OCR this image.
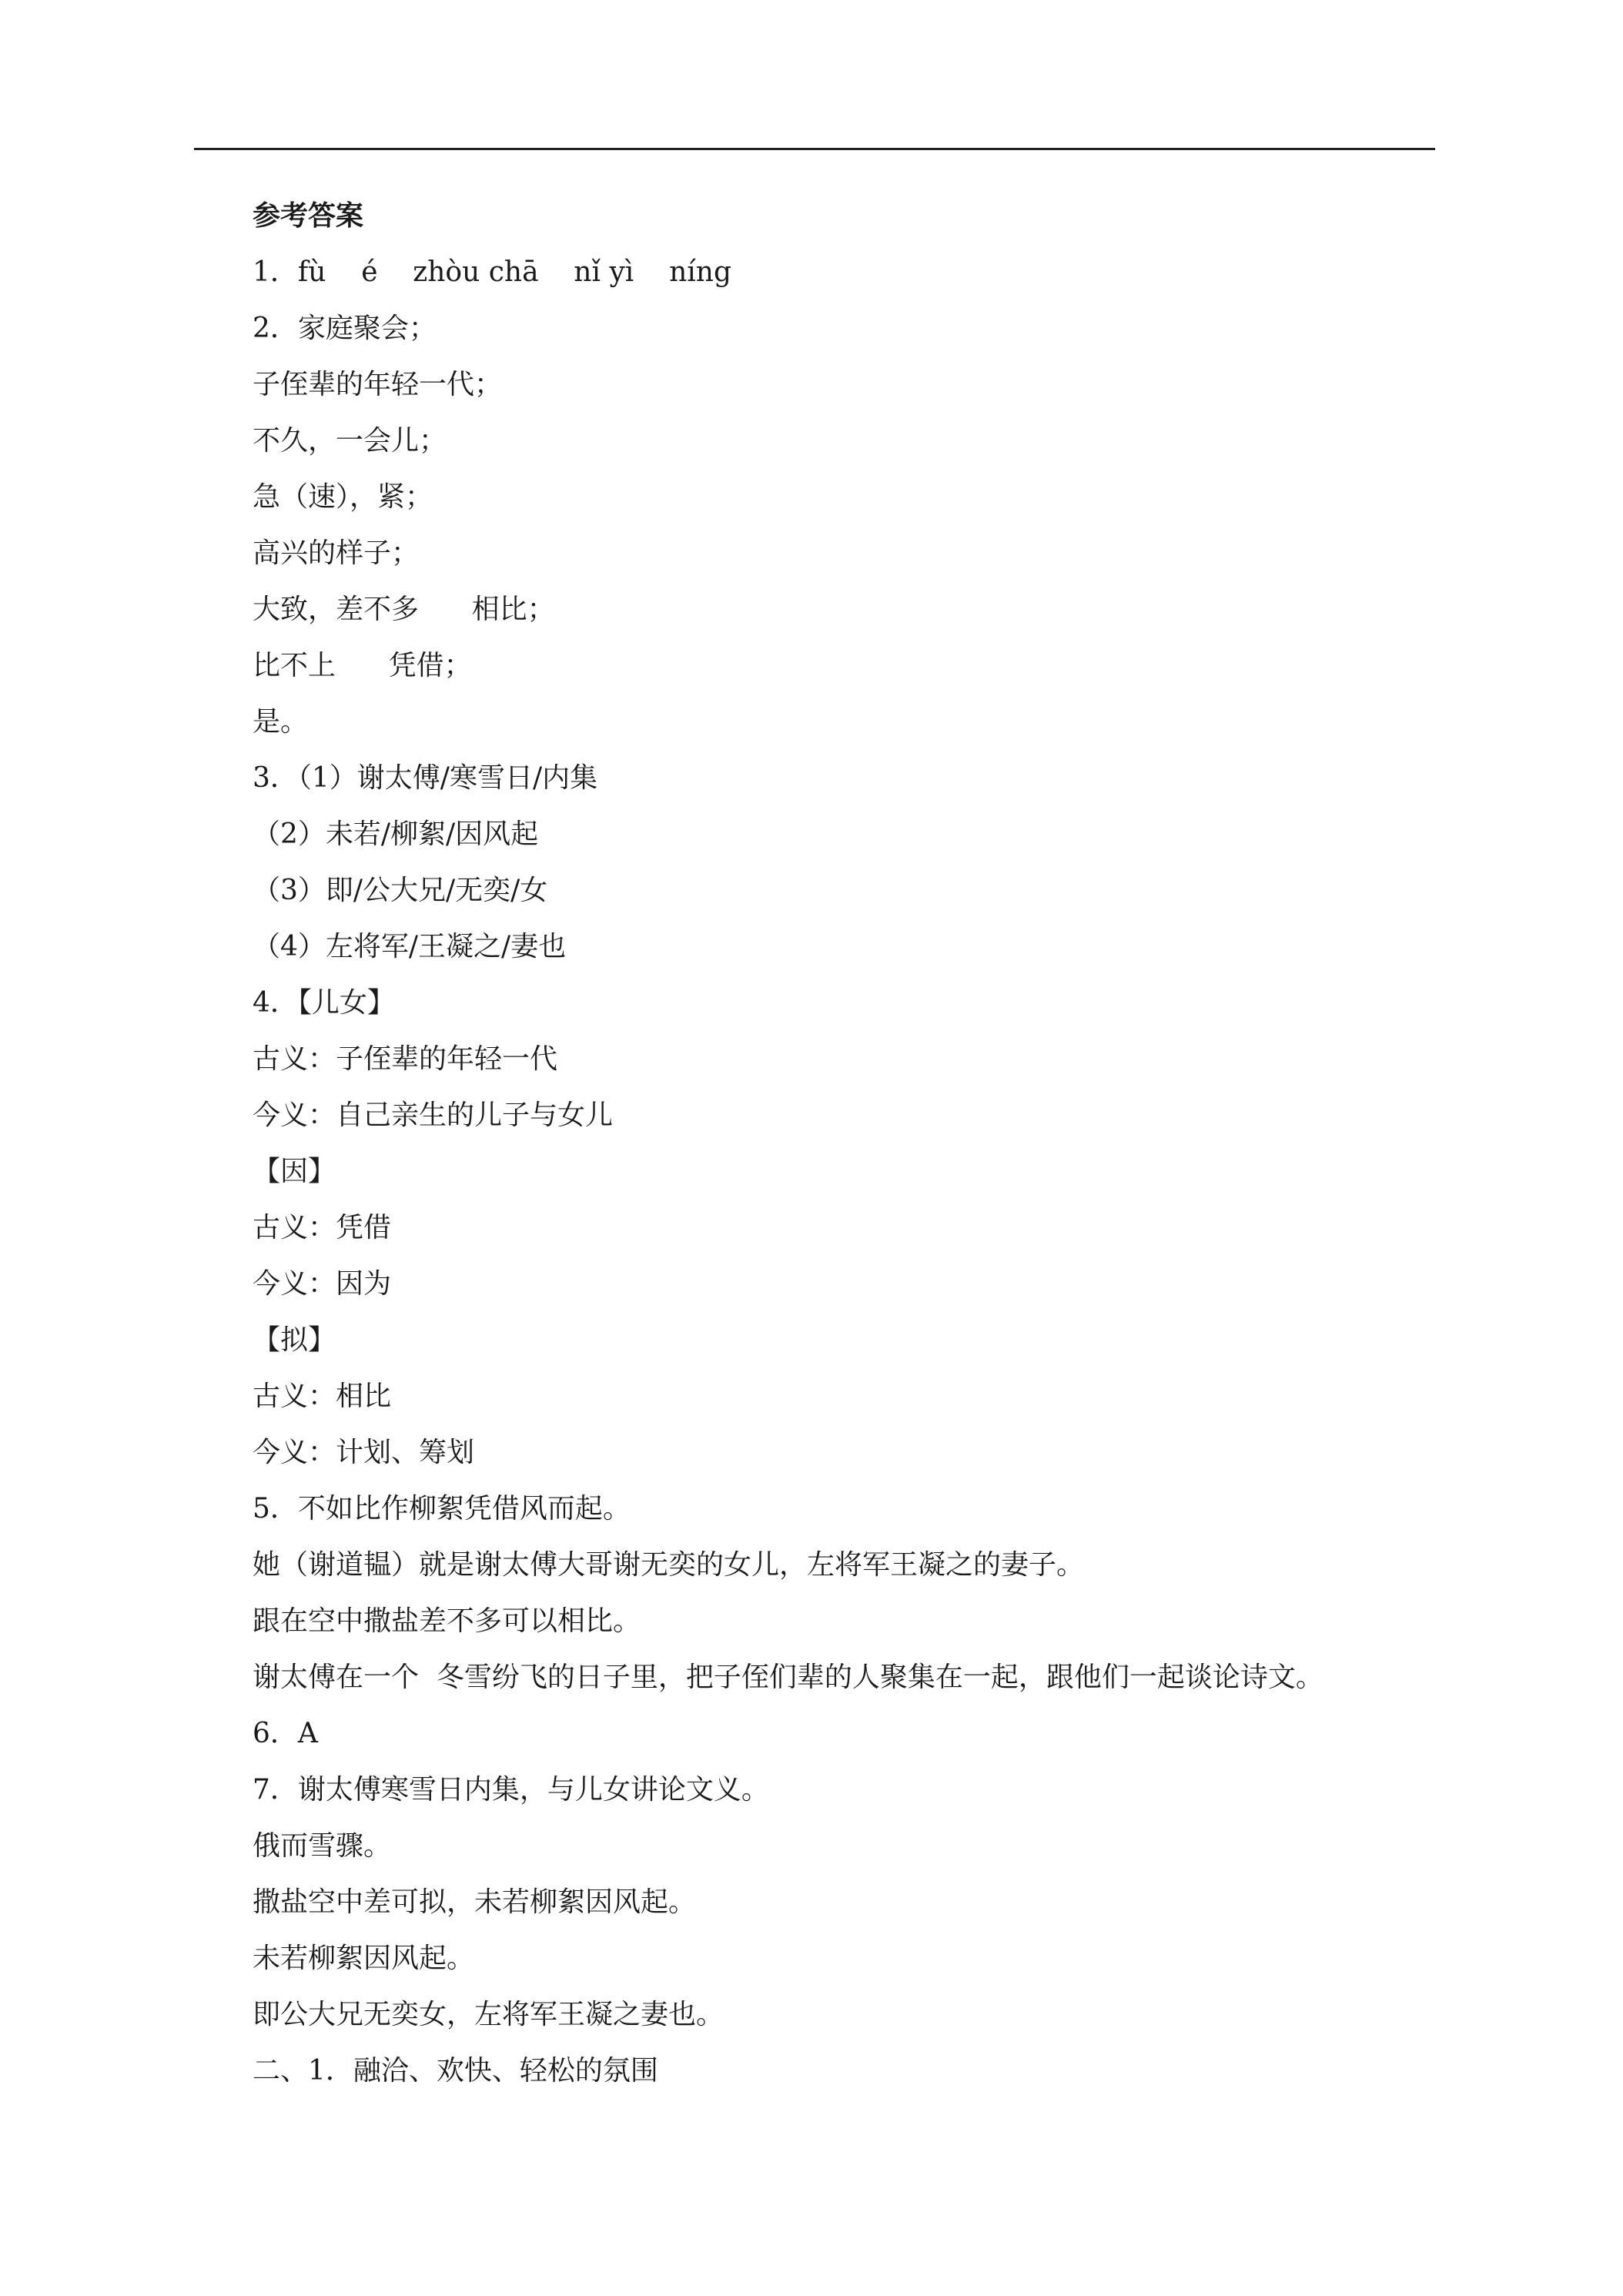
参考答案
1．fù    é    zhòu chā    nǐ yì    níng
2．家庭聚会；
子侄辈的年轻一代；
不久，一会儿；
急（速），紧；
高兴的样子；
大致，差不多      相比；
比不上      凭借；
是。
3．（1）谢太傅/寒雪日/内集
（2）未若/柳絮/因风起
（3）即/公大兄/无奕/女
（4）左将军/王凝之/妻也
4．【儿女】
古义：子侄辈的年轻一代
今义：自己亲生的儿子与女儿
【因】
古义：凭借
今义：因为
【拟】
古义：相比
今义：计划、筹划
5．不如比作柳絮凭借风而起。
她（谢道韫）就是谢太傅大哥谢无奕的女儿，左将军王凝之的妻子。
跟在空中撒盐差不多可以相比。
谢太傅在一个  冬雪纷飞的日子里，把子侄们辈的人聚集在一起，跟他们一起谈论诗文。
6．A
7．谢太傅寒雪日内集，与儿女讲论文义。
俄而雪骤。
撒盐空中差可拟，未若柳絮因风起。
未若柳絮因风起。
即公大兄无奕女，左将军王凝之妻也。
二、1．融洽、欢快、轻松的氛围
